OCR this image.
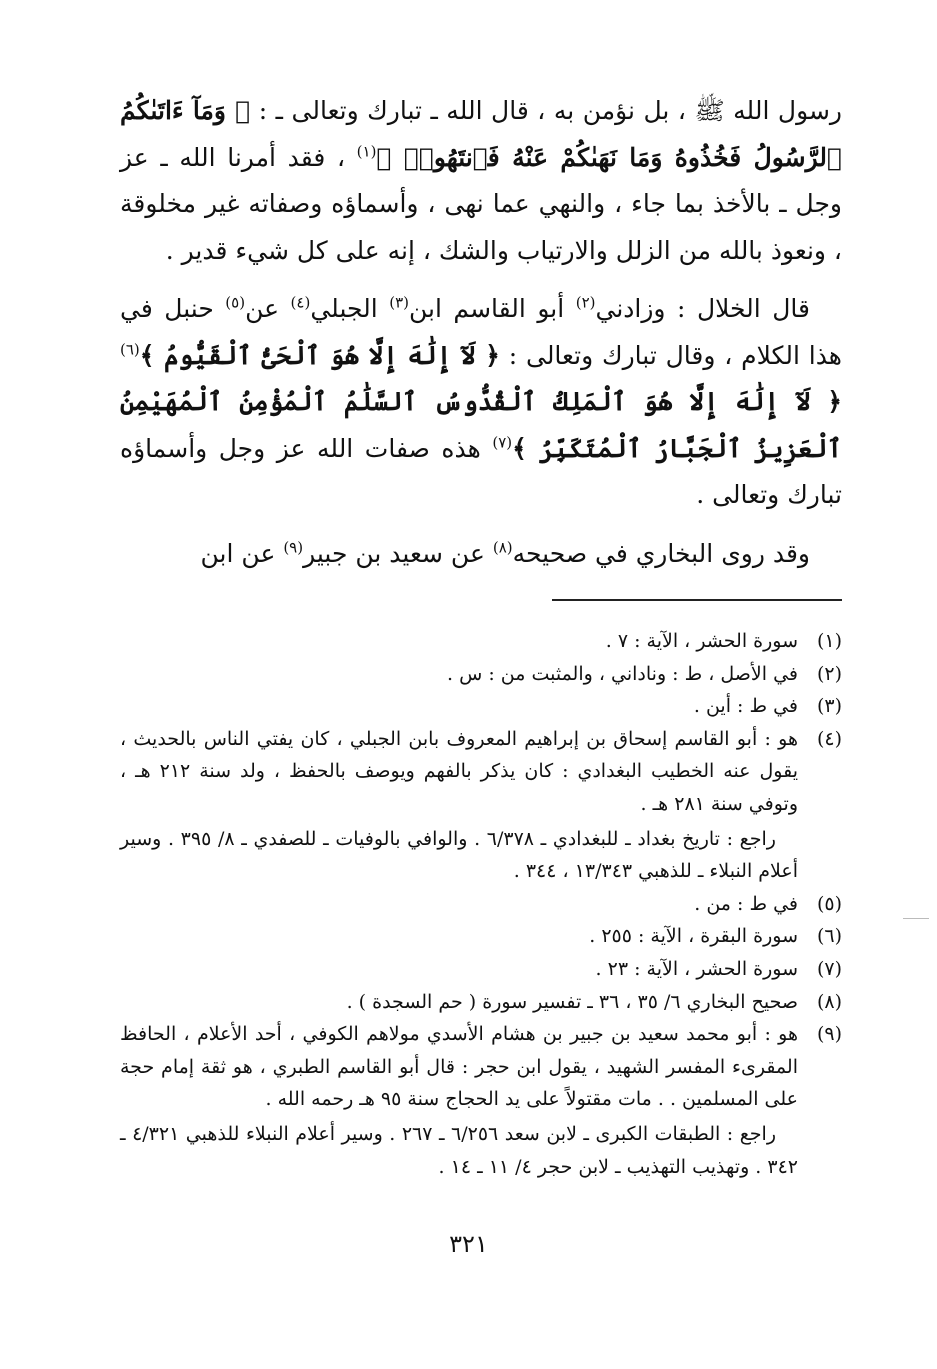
رسول الله ﷺ ، بل نؤمن به ، قال الله ـ تبارك وتعالى ـ : ﴿ وَمَآ ءَاتَىٰكُمُ ٱلرَّسُولُ فَخُذُوهُ وَمَا نَهَىٰكُمْ عَنْهُ فَٱنتَهُوا۟ ﴾$^{(١)}$ ، فقد أمرنا الله ـ عز وجل ـ بالأخذ بما جاء ، والنهي عما نهى ، وأسماؤه وصفاته غير مخلوقة ، ونعوذ بالله من الزلل والارتياب والشك ، إنه على كل شيء قدير .

قال الخلال : وزادني$^{(٢)}$ أبو القاسم ابن$^{(٣)}$ الجبلي$^{(٤)}$ عن$^{(٥)}$ حنبل في هذا الكلام ، وقال تبارك وتعالى : ﴿ لَآ إِلَٰهَ إِلَّا هُوَ ٱلْحَىُّ ٱلْقَيُّومُ ﴾$^{(٦)}$ ﴿ لَآ إِلَٰهَ إِلَّا هُوَ ٱلْمَلِكُ ٱلْقُدُّوسُ ٱلسَّلَٰمُ ٱلْمُؤْمِنُ ٱلْمُهَيْمِنُ ٱلْعَزِيزُ ٱلْجَبَّارُ ٱلْمُتَكَبِّرُ ﴾$^{(٧)}$ هذه صفات الله عز وجل وأسماؤه تبارك وتعالى .

وقد روى البخاري في صحيحه$^{(٨)}$ عن سعيد بن جبير$^{(٩)}$ عن ابن

(١)
سورة الحشر ، الآية : ٧ .
(٢)
في الأصل ، ط : وناداني ، والمثبت من : س .
(٣)
في ط : أين .
(٤)
هو : أبو القاسم إسحاق بن إبراهيم المعروف بابن الجبلي ، كان يفتي الناس بالحديث ، يقول عنه الخطيب البغدادي : كان يذكر بالفهم ويوصف بالحفظ ، ولد سنة ٢١٢ هـ ، وتوفي سنة ٢٨١ هـ .
راجع : تاريخ بغداد ـ للبغدادي ـ ٦/٣٧٨ . والوافي بالوفيات ـ للصفدي ـ ٨/ ٣٩٥ . وسير أعلام النبلاء ـ للذهبي ١٣/٣٤٣ ، ٣٤٤ .
(٥)
في ط : من .
(٦)
سورة البقرة ، الآية : ٢٥٥ .
(٧)
سورة الحشر ، الآية : ٢٣ .
(٨)
صحيح البخاري ٦/ ٣٥ ، ٣٦ ـ تفسير سورة ( حم السجدة ) .
(٩)
هو : أبو محمد سعيد بن جبير بن هشام الأسدي مولاهم الكوفي ، أحد الأعلام ، الحافظ المقرىء المفسر الشهيد ، يقول ابن حجر : قال أبو القاسم الطبري ، هو ثقة إمام حجة على المسلمين . . مات مقتولاً على يد الحجاج سنة ٩٥ هـ رحمه الله .
راجع : الطبقات الكبرى ـ لابن سعد ٦/٢٥٦ ـ ٢٦٧ . وسير أعلام النبلاء للذهبي ٤/٣٢١ ـ ٣٤٢ . وتهذيب التهذيب ـ لابن حجر ٤/ ١١ ـ ١٤ .
٣٢١
